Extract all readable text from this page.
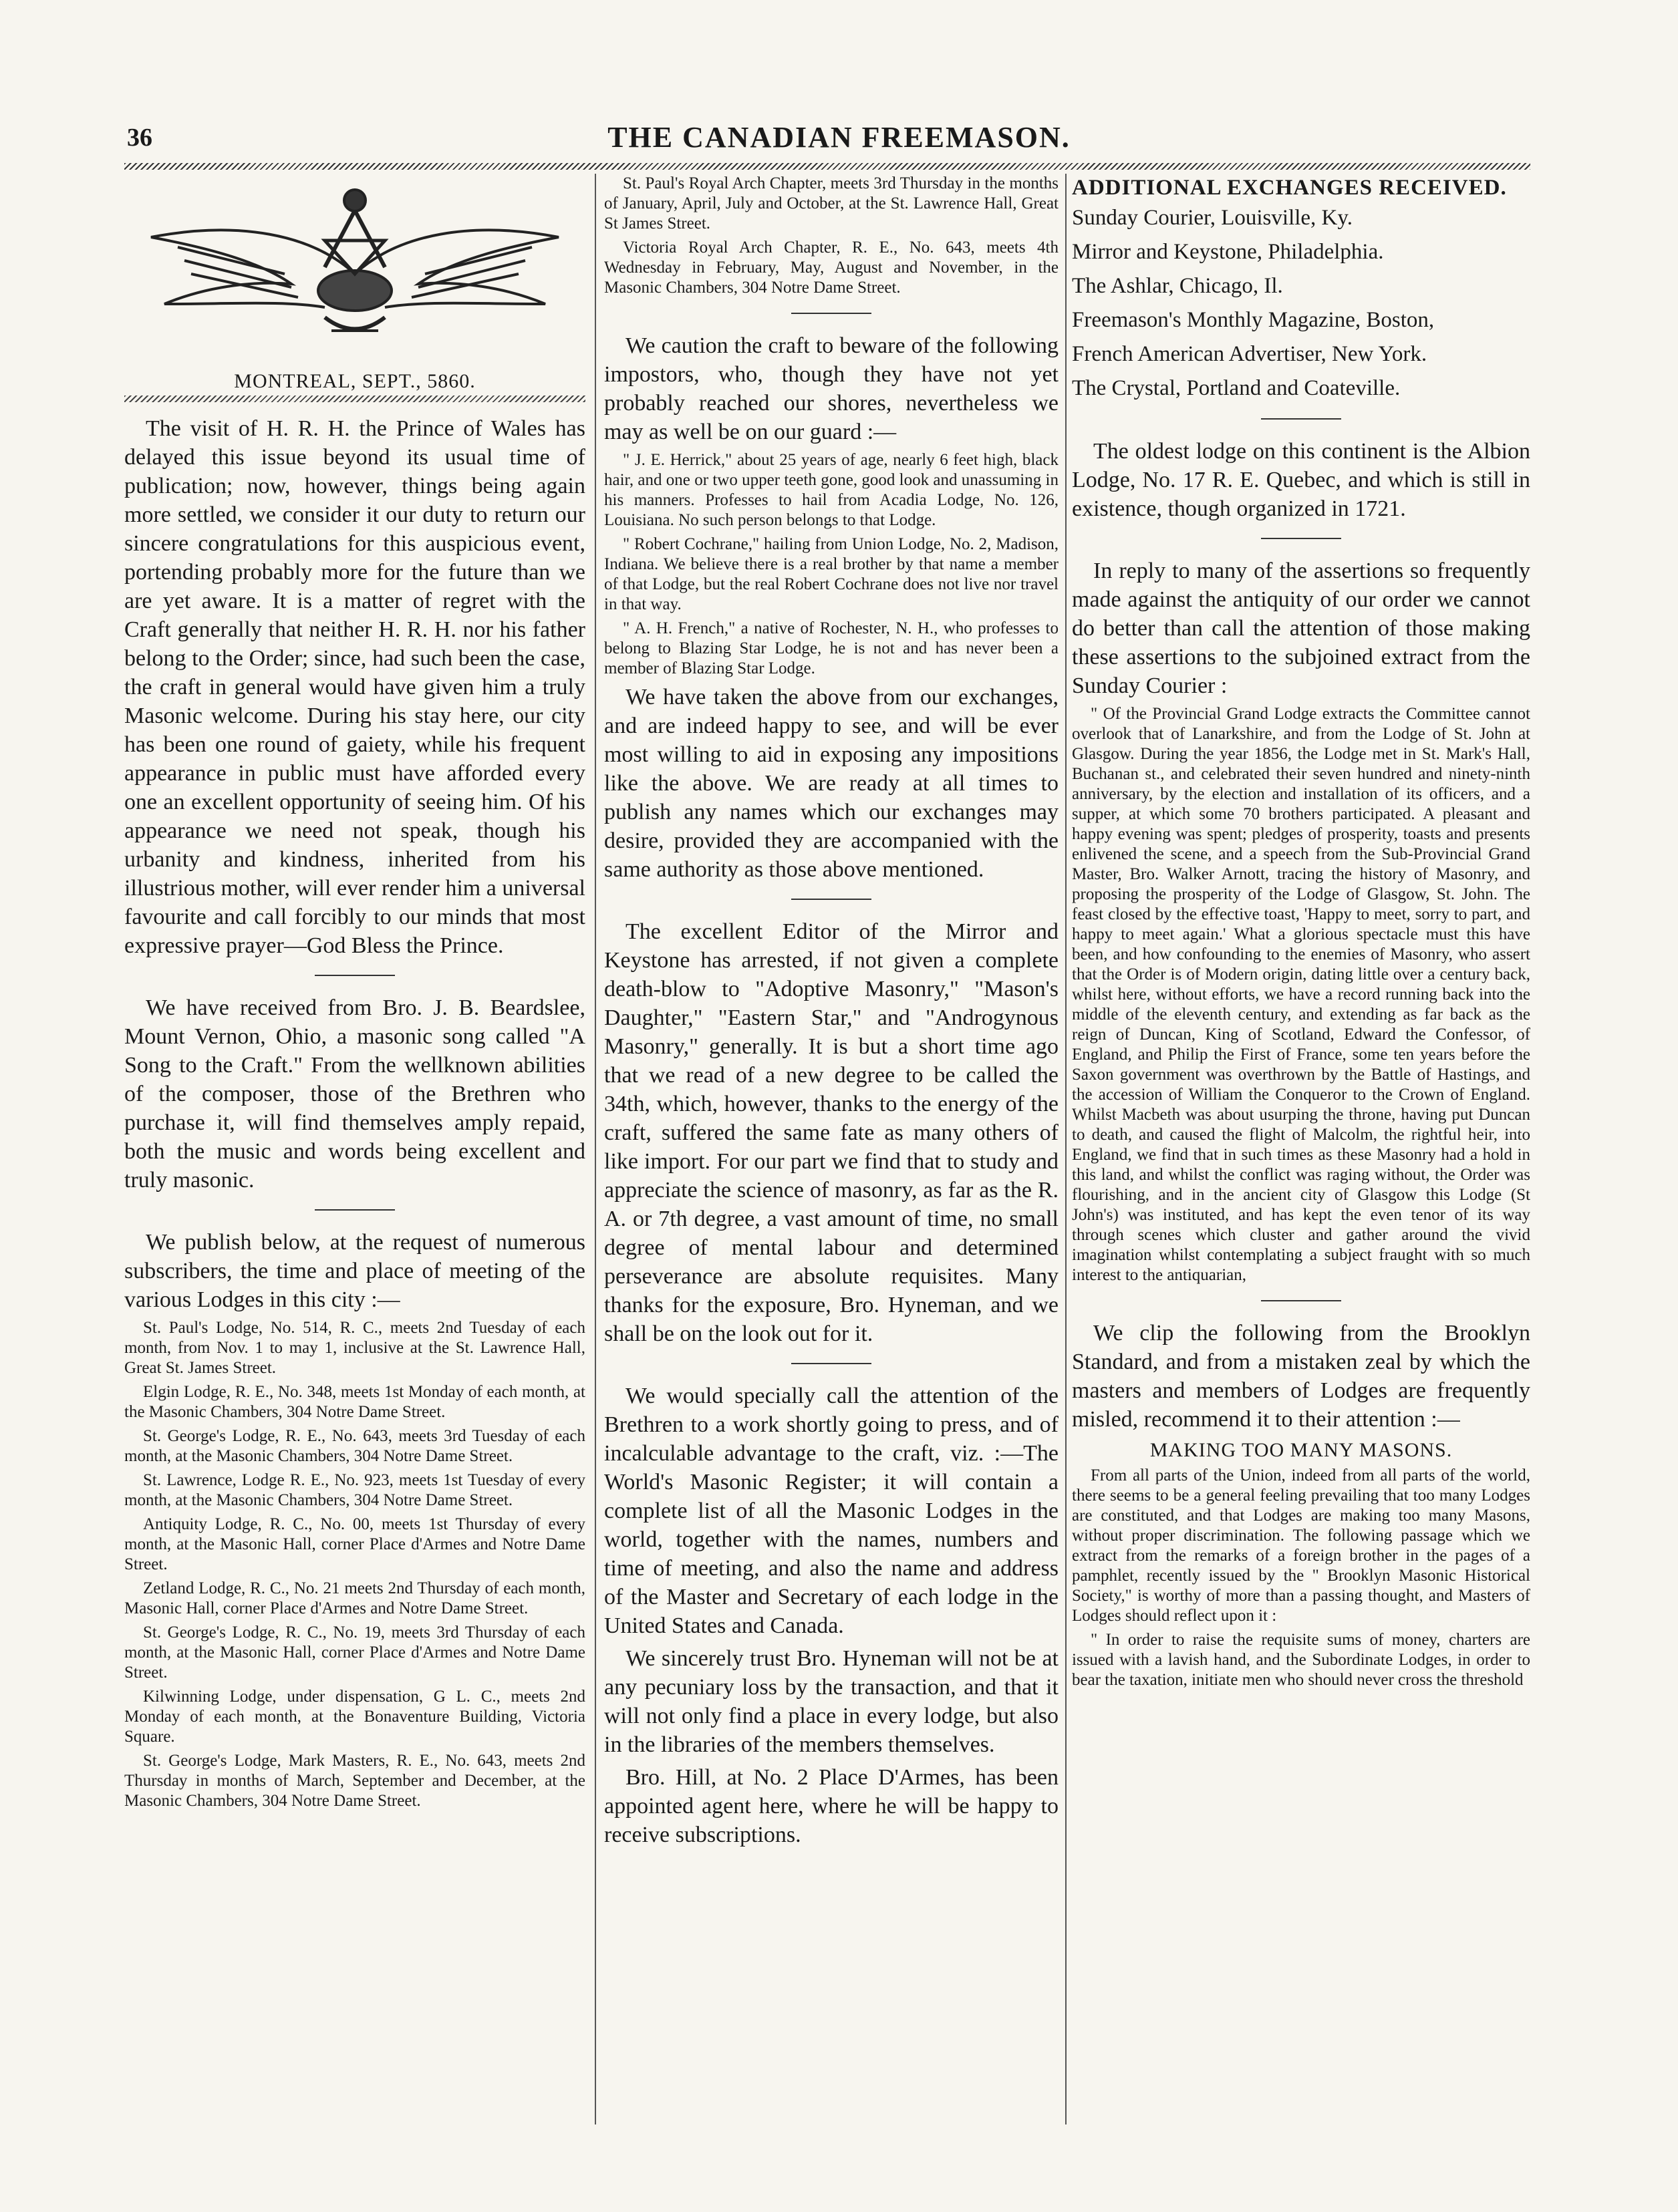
36	THE CANADIAN FREEMASON.
MONTREAL, SEPT., 5860.

The visit of H. R. H. the Prince of Wales has delayed this issue beyond its usual time of publication; now, however, things being again more settled, we consider it our duty to return our sincere congratulations for this auspicious event, portending probably more for the future than we are yet aware. It is a matter of regret with the Craft generally that neither H. R. H. nor his father belong to the Order; since, had such been the case, the craft in general would have given him a truly Masonic welcome. During his stay here, our city has been one round of gaiety, while his frequent appearance in public must have afforded every one an excellent opportunity of seeing him. Of his appearance we need not speak, though his urbanity and kindness, inherited from his illustrious mother, will ever render him a universal favourite and call forcibly to our minds that most expressive prayer—God Bless the Prince.

We have received from Bro. J. B. Beardslee, Mount Vernon, Ohio, a masonic song called "A Song to the Craft." From the wellknown abilities of the composer, those of the Brethren who purchase it, will find themselves amply repaid, both the music and words being excellent and truly masonic.

We publish below, at the request of numerous subscribers, the time and place of meeting of the various Lodges in this city :—

St. Paul's Lodge, No. 514, R. C., meets 2nd Tuesday of each month, from Nov. 1 to may 1, inclusive at the St. Lawrence Hall, Great St. James Street.

Elgin Lodge, R. E., No. 348, meets 1st Monday of each month, at the Masonic Chambers, 304 Notre Dame Street.

St. George's Lodge, R. E., No. 643, meets 3rd Tuesday of each month, at the Masonic Chambers, 304 Notre Dame Street.

St. Lawrence, Lodge R. E., No. 923, meets 1st Tuesday of every month, at the Masonic Chambers, 304 Notre Dame Street.

Antiquity Lodge, R. C., No. 00, meets 1st Thursday of every month, at the Masonic Hall, corner Place d'Armes and Notre Dame Street.

Zetland Lodge, R. C., No. 21 meets 2nd Thursday of each month, Masonic Hall, corner Place d'Armes and Notre Dame Street.

St. George's Lodge, R. C., No. 19, meets 3rd Thursday of each month, at the Masonic Hall, corner Place d'Armes and Notre Dame Street.

Kilwinning Lodge, under dispensation, G L. C., meets 2nd Monday of each month, at the Bonaventure Building, Victoria Square.

St. George's Lodge, Mark Masters, R. E., No. 643, meets 2nd Thursday in months of March, September and December, at the Masonic Chambers, 304 Notre Dame Street.

St. Paul's Royal Arch Chapter, meets 3rd Thursday in the months of January, April, July and October, at the St. Lawrence Hall, Great St James Street.

Victoria Royal Arch Chapter, R. E., No. 643, meets 4th Wednesday in February, May, August and November, in the Masonic Chambers, 304 Notre Dame Street.

We caution the craft to beware of the following impostors, who, though they have not yet probably reached our shores, nevertheless we may as well be on our guard :—

" J. E. Herrick," about 25 years of age, nearly 6 feet high, black hair, and one or two upper teeth gone, good look and unassuming in his manners. Professes to hail from Acadia Lodge, No. 126, Louisiana. No such person belongs to that Lodge.

" Robert Cochrane," hailing from Union Lodge, No. 2, Madison, Indiana. We believe there is a real brother by that name a member of that Lodge, but the real Robert Cochrane does not live nor travel in that way.

" A. H. French," a native of Rochester, N. H., who professes to belong to Blazing Star Lodge, he is not and has never been a member of Blazing Star Lodge.

We have taken the above from our exchanges, and are indeed happy to see, and will be ever most willing to aid in exposing any impositions like the above. We are ready at all times to publish any names which our exchanges may desire, provided they are accompanied with the same authority as those above mentioned.

The excellent Editor of the Mirror and Keystone has arrested, if not given a complete death-blow to "Adoptive Masonry," "Mason's Daughter," "Eastern Star," and "Androgynous Masonry," generally. It is but a short time ago that we read of a new degree to be called the 34th, which, however, thanks to the energy of the craft, suffered the same fate as many others of like import. For our part we find that to study and appreciate the science of masonry, as far as the R. A. or 7th degree, a vast amount of time, no small degree of mental labour and determined perseverance are absolute requisites. Many thanks for the exposure, Bro. Hyneman, and we shall be on the look out for it.

We would specially call the attention of the Brethren to a work shortly going to press, and of incalculable advantage to the craft, viz. :—The World's Masonic Register; it will contain a complete list of all the Masonic Lodges in the world, together with the names, numbers and time of meeting, and also the name and address of the Master and Secretary of each lodge in the United States and Canada.

We sincerely trust Bro. Hyneman will not be at any pecuniary loss by the transaction, and that it will not only find a place in every lodge, but also in the libraries of the members themselves.

Bro. Hill, at No. 2 Place D'Armes, has been appointed agent here, where he will be happy to receive subscriptions.

ADDITIONAL EXCHANGES RECEIVED.

Sunday Courier, Louisville, Ky.

Mirror and Keystone, Philadelphia.

The Ashlar, Chicago, Il.

Freemason's Monthly Magazine, Boston,

French American Advertiser, New York.

The Crystal, Portland and Coateville.

The oldest lodge on this continent is the Albion Lodge, No. 17 R. E. Quebec, and which is still in existence, though organized in 1721.

In reply to many of the assertions so frequently made against the antiquity of our order we cannot do better than call the attention of those making these assertions to the subjoined extract from the Sunday Courier :

" Of the Provincial Grand Lodge extracts the Committee cannot overlook that of Lanarkshire, and from the Lodge of St. John at Glasgow. During the year 1856, the Lodge met in St. Mark's Hall, Buchanan st., and celebrated their seven hundred and ninety-ninth anniversary, by the election and installation of its officers, and a supper, at which some 70 brothers participated. A pleasant and happy evening was spent; pledges of prosperity, toasts and presents enlivened the scene, and a speech from the Sub-Provincial Grand Master, Bro. Walker Arnott, tracing the history of Masonry, and proposing the prosperity of the Lodge of Glasgow, St. John. The feast closed by the effective toast, 'Happy to meet, sorry to part, and happy to meet again.' What a glorious spectacle must this have been, and how confounding to the enemies of Masonry, who assert that the Order is of Modern origin, dating little over a century back, whilst here, without efforts, we have a record running back into the middle of the eleventh century, and extending as far back as the reign of Duncan, King of Scotland, Edward the Confessor, of England, and Philip the First of France, some ten years before the Saxon government was overthrown by the Battle of Hastings, and the accession of William the Conqueror to the Crown of England. Whilst Macbeth was about usurping the throne, having put Duncan to death, and caused the flight of Malcolm, the rightful heir, into England, we find that in such times as these Masonry had a hold in this land, and whilst the conflict was raging without, the Order was flourishing, and in the ancient city of Glasgow this Lodge (St John's) was instituted, and has kept the even tenor of its way through scenes which cluster and gather around the vivid imagination whilst contemplating a subject fraught with so much interest to the antiquarian,

We clip the following from the Brooklyn Standard, and from a mistaken zeal by which the masters and members of Lodges are frequently misled, recommend it to their attention :—

MAKING TOO MANY MASONS.

From all parts of the Union, indeed from all parts of the world, there seems to be a general feeling prevailing that too many Lodges are constituted, and that Lodges are making too many Masons, without proper discrimination. The following passage which we extract from the remarks of a foreign brother in the pages of a pamphlet, recently issued by the " Brooklyn Masonic Historical Society," is worthy of more than a passing thought, and Masters of Lodges should reflect upon it :

" In order to raise the requisite sums of money, charters are issued with a lavish hand, and the Subordinate Lodges, in order to bear the taxation, initiate men who should never cross the threshold
